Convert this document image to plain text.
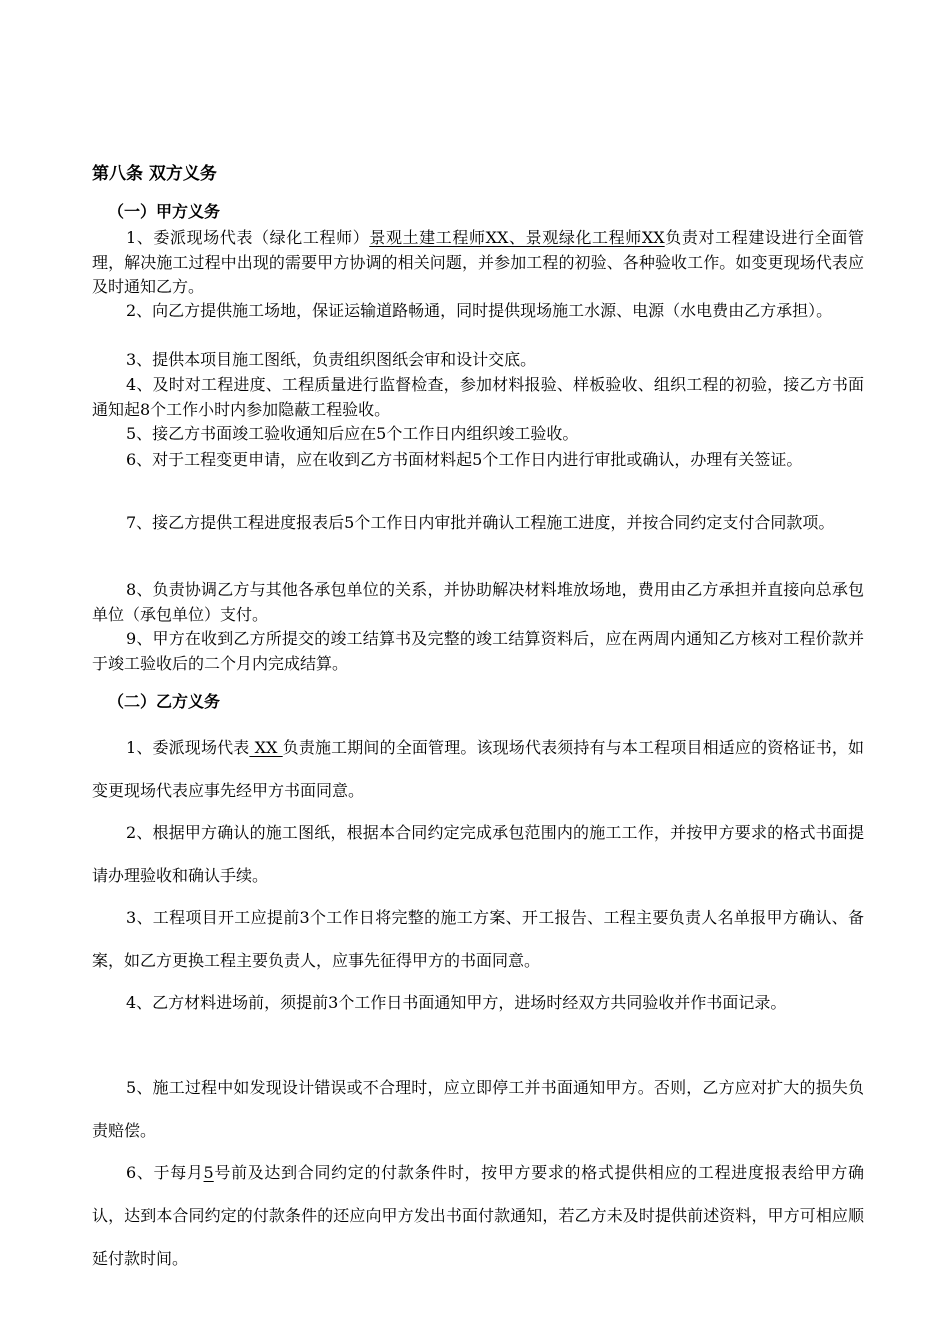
第八条 双方义务
（一）甲方义务
1、委派现场代表（绿化工程师）景观土建工程师XX、景观绿化工程师XX负责对工程建设进行全面管理，解决施工过程中出现的需要甲方协调的相关问题，并参加工程的初验、各种验收工作。如变更现场代表应及时通知乙方。
2、向乙方提供施工场地，保证运输道路畅通，同时提供现场施工水源、电源（水电费由乙方承担）。
3、提供本项目施工图纸，负责组织图纸会审和设计交底。
4、及时对工程进度、工程质量进行监督检查，参加材料报验、样板验收、组织工程的初验，接乙方书面通知起8个工作小时内参加隐蔽工程验收。
5、接乙方书面竣工验收通知后应在5个工作日内组织竣工验收。
6、对于工程变更申请，应在收到乙方书面材料起5个工作日内进行审批或确认，办理有关签证。
7、接乙方提供工程进度报表后5个工作日内审批并确认工程施工进度，并按合同约定支付合同款项。
8、负责协调乙方与其他各承包单位的关系，并协助解决材料堆放场地，费用由乙方承担并直接向总承包单位（承包单位）支付。
9、甲方在收到乙方所提交的竣工结算书及完整的竣工结算资料后，应在两周内通知乙方核对工程价款并于竣工验收后的二个月内完成结算。
（二）乙方义务
1、委派现场代表 XX 负责施工期间的全面管理。该现场代表须持有与本工程项目相适应的资格证书，如变更现场代表应事先经甲方书面同意。
2、根据甲方确认的施工图纸，根据本合同约定完成承包范围内的施工工作，并按甲方要求的格式书面提请办理验收和确认手续。
3、工程项目开工应提前3个工作日将完整的施工方案、开工报告、工程主要负责人名单报甲方确认、备案，如乙方更换工程主要负责人，应事先征得甲方的书面同意。
4、乙方材料进场前，须提前3个工作日书面通知甲方，进场时经双方共同验收并作书面记录。
5、施工过程中如发现设计错误或不合理时，应立即停工并书面通知甲方。否则，乙方应对扩大的损失负责赔偿。
6、于每月5号前及达到合同约定的付款条件时，按甲方要求的格式提供相应的工程进度报表给甲方确认，达到本合同约定的付款条件的还应向甲方发出书面付款通知，若乙方未及时提供前述资料，甲方可相应顺延付款时间。
